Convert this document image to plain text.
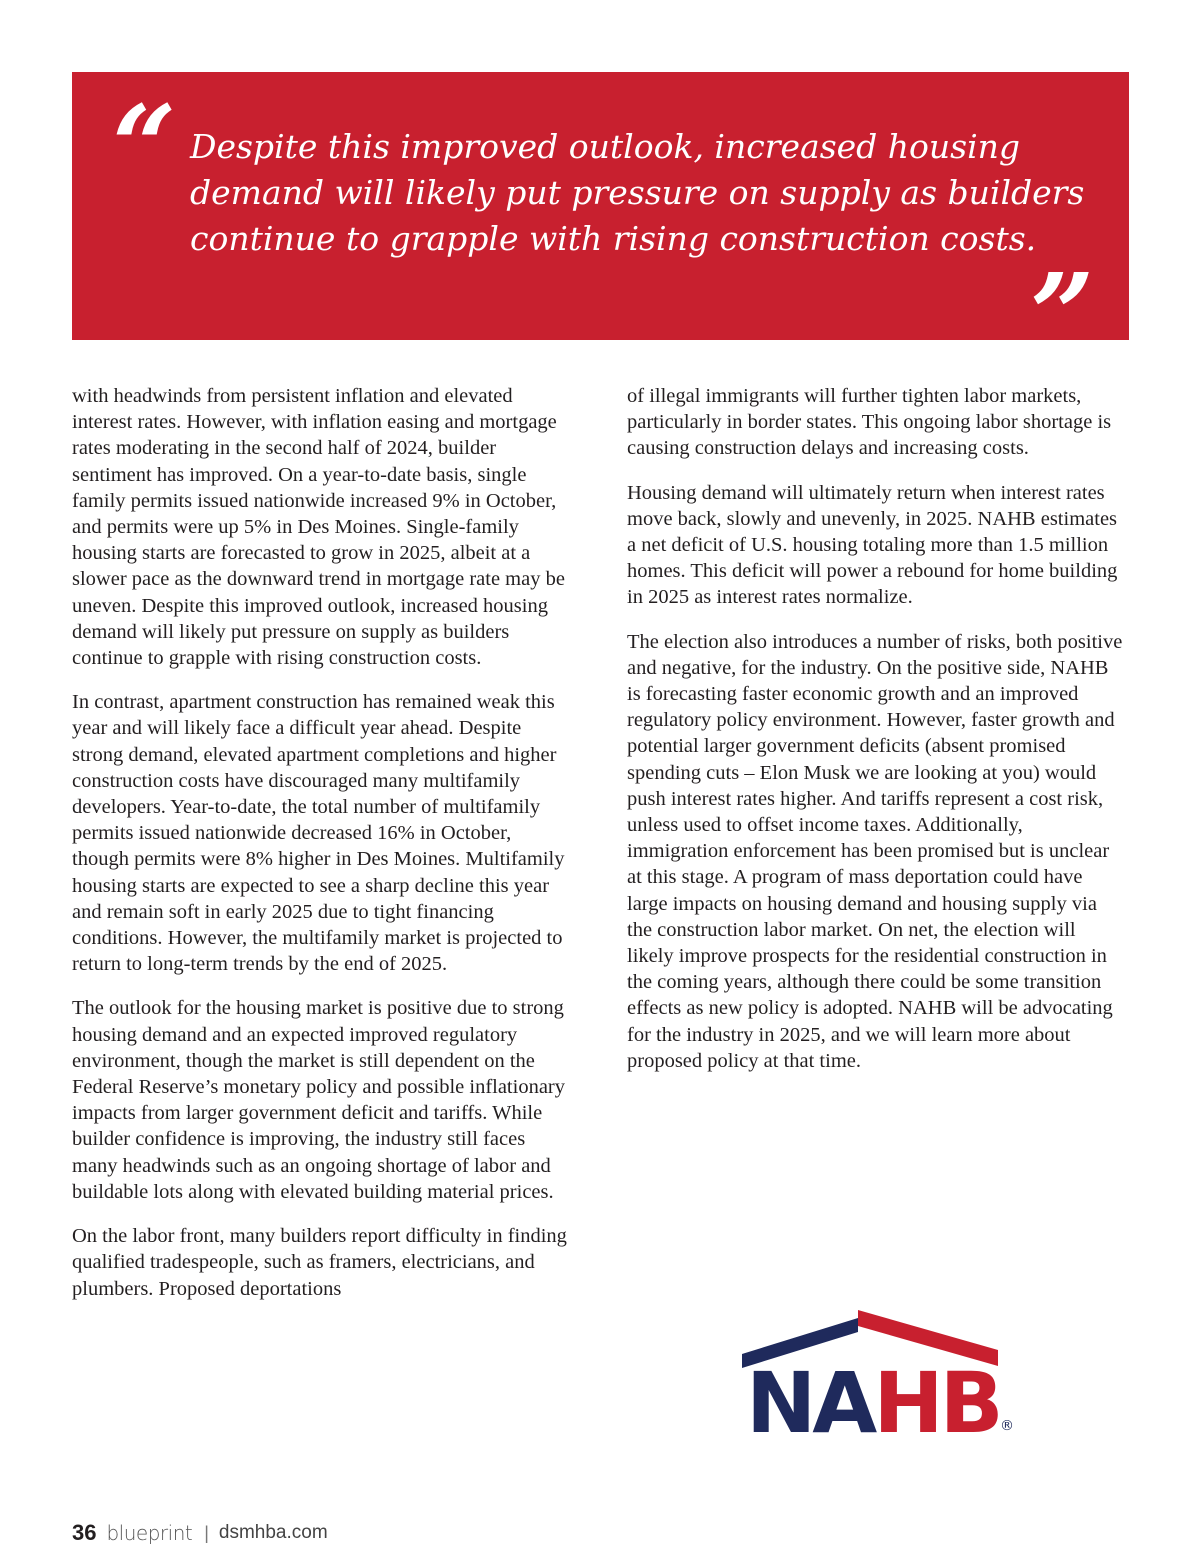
“ Despite this improved outlook, increased housing demand will likely put pressure on supply as builders continue to grapple with rising construction costs.

”

with headwinds from persistent inflation and elevated interest rates. However, with inflation easing and mortgage rates moderating in the second half of 2024, builder sentiment has improved. On a year-to-date basis, single family permits issued nationwide increased 9% in October, and permits were up 5% in Des Moines. Single-family housing starts are forecasted to grow in 2025, albeit at a slower pace as the downward trend in mortgage rate may be uneven. Despite this improved outlook, increased housing demand will likely put pressure on supply as builders continue to grapple with rising construction costs.

In contrast, apartment construction has remained weak this year and will likely face a difficult year ahead. Despite strong demand, elevated apartment completions and higher construction costs have discouraged many multifamily developers. Year-to-date, the total number of multifamily permits issued nationwide decreased 16% in October, though permits were 8% higher in Des Moines. Multifamily housing starts are expected to see a sharp decline this year and remain soft in early 2025 due to tight financing conditions. However, the multifamily market is projected to return to long-term trends by the end of 2025.

The outlook for the housing market is positive due to strong housing demand and an expected improved regulatory environment, though the market is still dependent on the Federal Reserve’s monetary policy and possible inflationary impacts from larger government deficit and tariffs. While builder confidence is improving, the industry still faces many headwinds such as an ongoing shortage of labor and buildable lots along with elevated building material prices.

On the labor front, many builders report difficulty in finding qualified tradespeople, such as framers, electricians, and plumbers. Proposed deportations

of illegal immigrants will further tighten labor markets, particularly in border states. This ongoing labor shortage is causing construction delays and increasing costs.

Housing demand will ultimately return when interest rates move back, slowly and unevenly, in 2025. NAHB estimates a net deficit of U.S. housing totaling more than 1.5 million homes. This deficit will power a rebound for home building in 2025 as interest rates normalize.

The election also introduces a number of risks, both positive and negative, for the industry. On the positive side, NAHB is forecasting faster economic growth and an improved regulatory policy environment. However, faster growth and potential larger government deficits (absent promised spending cuts – Elon Musk we are looking at you) would push interest rates higher. And tariffs represent a cost risk, unless used to offset income taxes. Additionally, immigration enforcement has been promised but is unclear at this stage. A program of mass deportation could have large impacts on housing demand and housing supply via the construction labor market. On net, the election will likely improve prospects for the residential construction in the coming years, although there could be some transition effects as new policy is adopted. NAHB will be advocating for the industry in 2025, and we will learn more about proposed policy at that time.

NAHB ®
36 blueprint | dsmhba.com
